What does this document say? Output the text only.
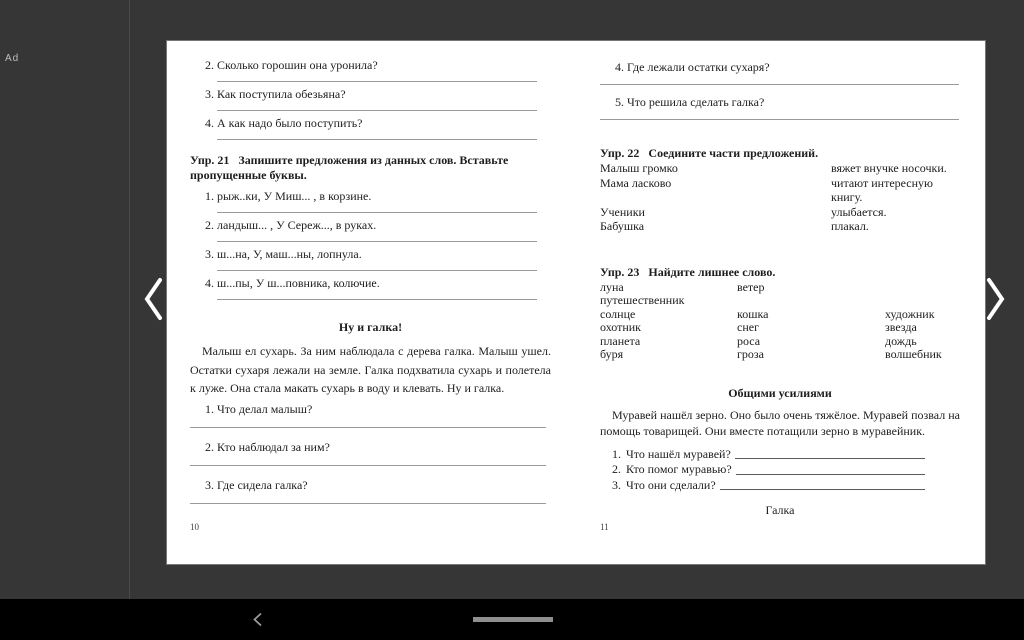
Ad	2. Сколько горошин она уронила?
3. Как поступила обезьяна?
4. А как надо было поступить?
Упр. 21 Запишите предложения из данных слов. Вставьте пропущенные буквы.
1. рыж..ки, У Миш... , в корзине.
2. ландыш... , У Сереж..., в руках.
3. ш...на, У, маш...ны, лопнула.
4. ш...пы, У ш...повника, колючие.
Ну и галка!

Малыш ел сухарь. За ним наблюдала с дерева галка. Малыш ушел. Остатки сухаря лежали на земле. Галка подхватила сухарь и полетела к луже. Она стала макать сухарь в воду и клевать. Ну и галка.

1. Что делал малыш?
2. Кто наблюдал за ним?
3. Где сидела галка?
10
4. Где лежали остатки сухаря?
5. Что решила сделать галка?
Упр. 22 Соедините части предложений.
Малыш громко	вяжет внучке носочки.
Мама ласково	читают интересную книгу.
Ученики	улыбается.
Бабушка	плакал.
Упр. 23 Найдите лишнее слово.
луна	ветер
путешественник
солнце	кошка	художник
охотник	снег	звезда
планета	роса	дождь
буря	гроза	волшебник
Общими усилиями

Муравей нашёл зерно. Оно было очень тяжёлое. Муравей позвал на помощь товарищей. Они вместе потащили зерно в муравейник.

1. Что нашёл муравей?
2. Кто помог муравью?
3. Что они сделали?
Галка
11
